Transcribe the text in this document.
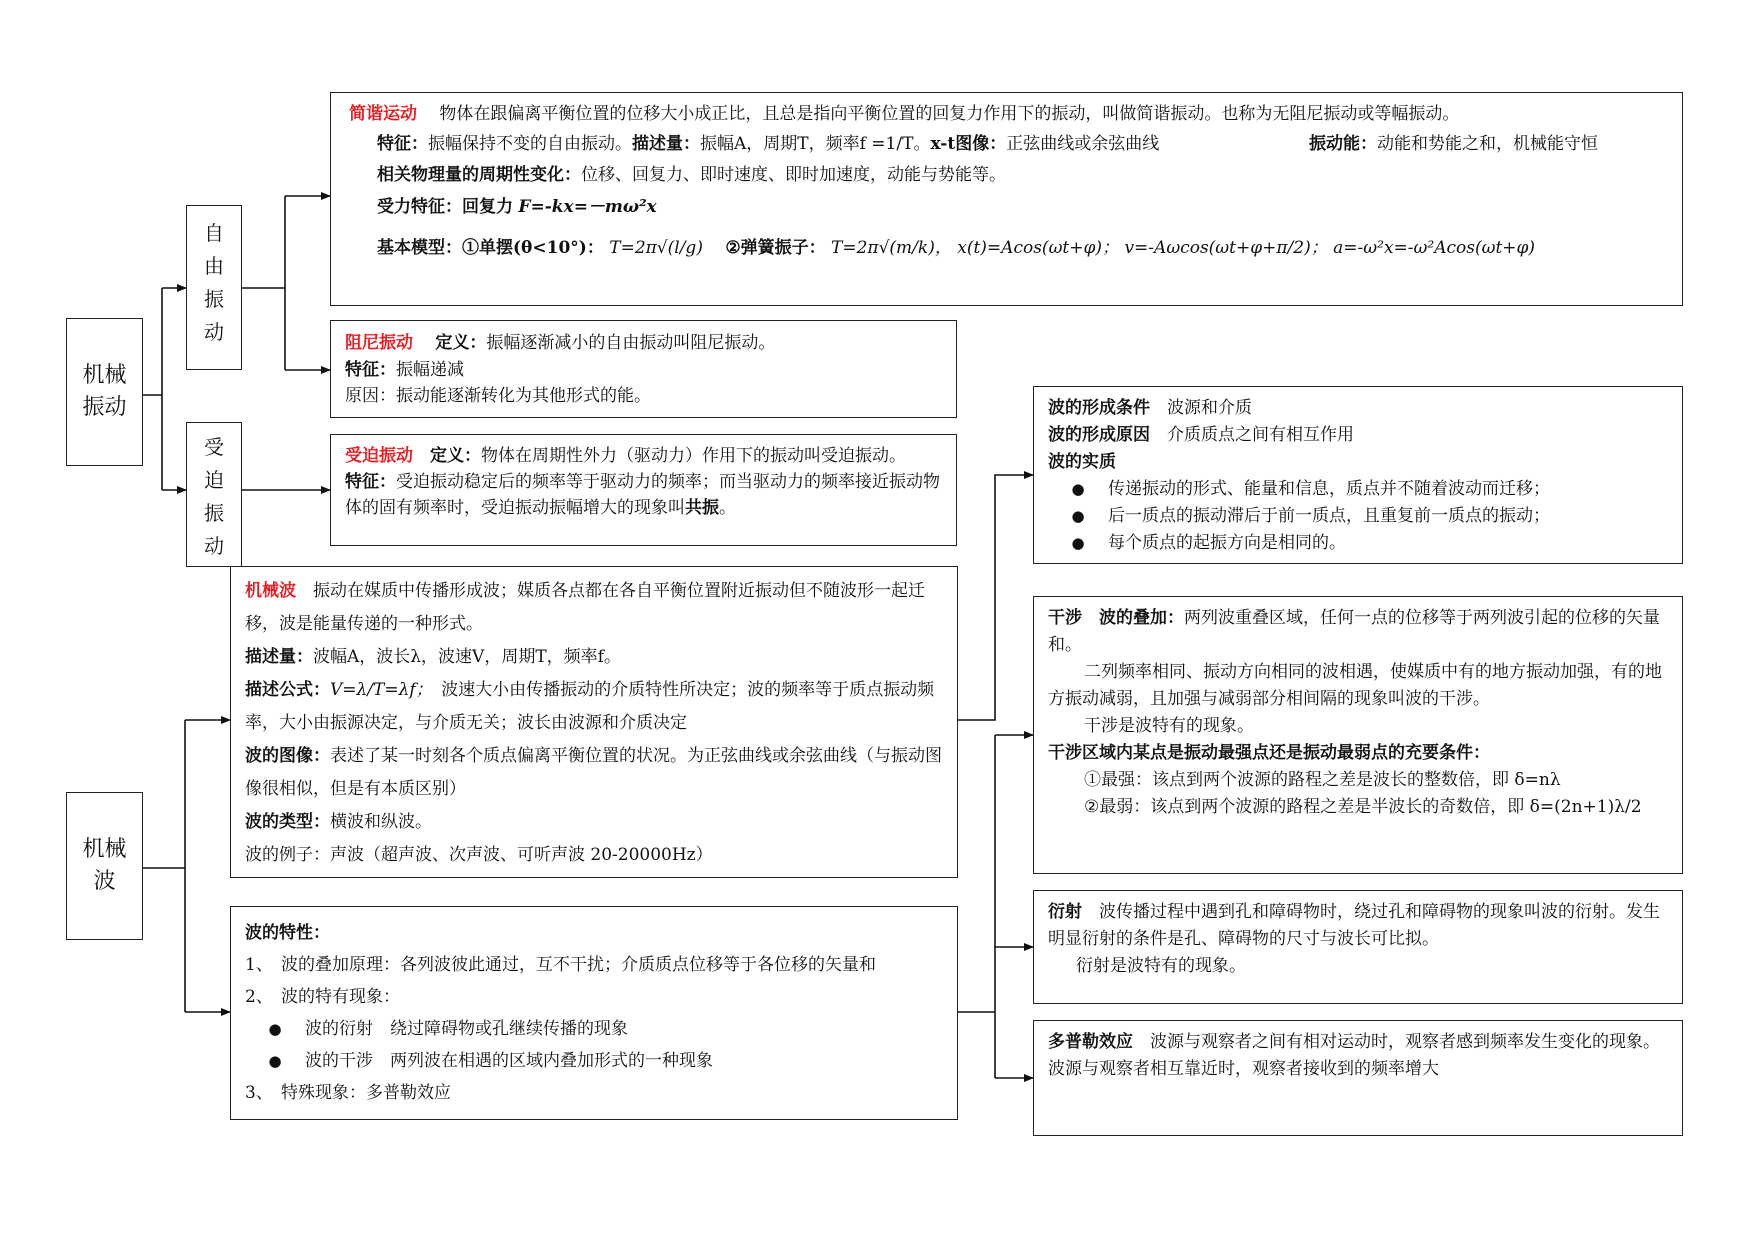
机械振动
机械波
自由振动
受迫振动
简谐运动　 物体在跟偏离平衡位置的位移大小成正比，且总是指向平衡位置的回复力作用下的振动，叫做简谐振动。也称为无阻尼振动或等幅振动。
特征：振幅保持不变的自由振动。描述量：振幅A，周期T，频率f =1/T。x-t图像：正弦曲线或余弦曲线	振动能：动能和势能之和，机械能守恒
相关物理量的周期性变化：位移、回复力、即时速度、即时加速度，动能与势能等。
受力特征：回复力 F=-kx=－mω²x
基本模型：①单摆(θ<10°)： T=2π√(l/g) 　 ②弹簧振子： T=2π√(m/k)， x(t)=Acos(ωt+φ)； v=-Aωcos(ωt+φ+π/2)； a=-ω²x=-ω²Acos(ωt+φ)
阻尼振动　 定义：振幅逐渐减小的自由振动叫阻尼振动。
特征：振幅递减
原因：振动能逐渐转化为其他形式的能。
受迫振动　 定义：物体在周期性外力（驱动力）作用下的振动叫受迫振动。
特征：受迫振动稳定后的频率等于驱动力的频率；而当驱动力的频率接近振动物体的固有频率时，受迫振动振幅增大的现象叫共振。
机械波　 振动在媒质中传播形成波；媒质各点都在各自平衡位置附近振动但不随波形一起迁移，波是能量传递的一种形式。
描述量：波幅A，波长λ，波速V，周期T，频率f。
描述公式：V=λ/T=λf；　 波速大小由传播振动的介质特性所决定；波的频率等于质点振动频率，大小由振源决定，与介质无关；波长由波源和介质决定
波的图像：表述了某一时刻各个质点偏离平衡位置的状况。为正弦曲线或余弦曲线（与振动图像很相似，但是有本质区别）
波的类型：横波和纵波。
波的例子：声波（超声波、次声波、可听声波 20-20000Hz）
波的特性：
1、 波的叠加原理：各列波彼此通过，互不干扰；介质质点位移等于各位移的矢量和
2、 波的特有现象：
● 波的衍射　绕过障碍物或孔继续传播的现象
● 波的干涉　两列波在相遇的区域内叠加形式的一种现象
3、 特殊现象：多普勒效应
波的形成条件　 波源和介质
波的形成原因　 介质质点之间有相互作用
波的实质
● 传递振动的形式、能量和信息，质点并不随着波动而迁移；
● 后一质点的振动滞后于前一质点，且重复前一质点的振动；
● 每个质点的起振方向是相同的。
干涉　 波的叠加：两列波重叠区域，任何一点的位移等于两列波引起的位移的矢量和。
二列频率相同、振动方向相同的波相遇，使媒质中有的地方振动加强，有的地方振动减弱，且加强与减弱部分相间隔的现象叫波的干涉。
干涉是波特有的现象。
干涉区域内某点是振动最强点还是振动最弱点的充要条件：
①最强：该点到两个波源的路程之差是波长的整数倍，即 δ=nλ
②最弱：该点到两个波源的路程之差是半波长的奇数倍，即 δ=(2n+1)λ/2
衍射　 波传播过程中遇到孔和障碍物时，绕过孔和障碍物的现象叫波的衍射。发生明显衍射的条件是孔、障碍物的尺寸与波长可比拟。
衍射是波特有的现象。
多普勒效应　 波源与观察者之间有相对运动时，观察者感到频率发生变化的现象。
波源与观察者相互靠近时，观察者接收到的频率增大
